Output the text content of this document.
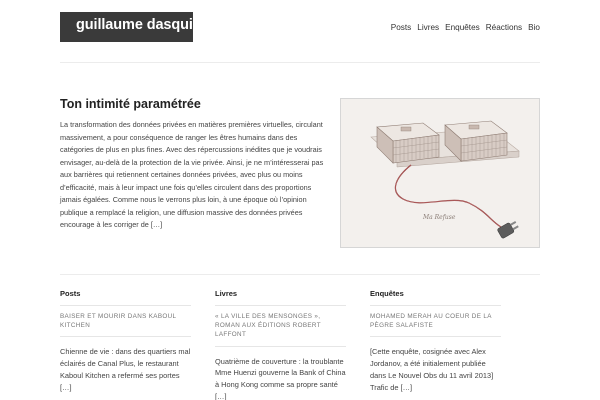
guillaume dasquié	Posts Livres Enquêtes Réactions Bio
Ton intimité paramétrée

La transformation des données privées en matières premières virtuelles, circulant massivement, a pour conséquence de ranger les êtres humains dans des catégories de plus en plus fines. Avec des répercussions inédites que je voudrais envisager, au-delà de la protection de la vie privée. Ainsi, je ne m’intéresserai pas aux barrières qui retiennent certaines données privées, avec plus ou moins d’efficacité, mais à leur impact une fois qu’elles circulent dans des proportions jamais égalées. Comme nous le verrons plus loin, à une époque où l’opinion publique a remplacé la religion, une diffusion massive des données privées encourage à les corriger de […]

Ma Refuse
Posts
BAISER ET MOURIR DANS KABOUL KITCHEN

Chienne de vie : dans des quartiers mal éclairés de Canal Plus, le restaurant Kaboul Kitchen a refermé ses portes […]

Livres
« LA VILLE DES MENSONGES », ROMAN AUX ÉDITIONS ROBERT LAFFONT

Quatrième de couverture : la troublante Mme Huenzi gouverne la Bank of China à Hong Kong comme sa propre santé […]

Enquêtes
MOHAMED MERAH AU COEUR DE LA PÈGRE SALAFISTE

[Cette enquête, cosignée avec Alex Jordanov, a été initialement publiée dans Le Nouvel Obs du 11 avril 2013] Trafic de […]
